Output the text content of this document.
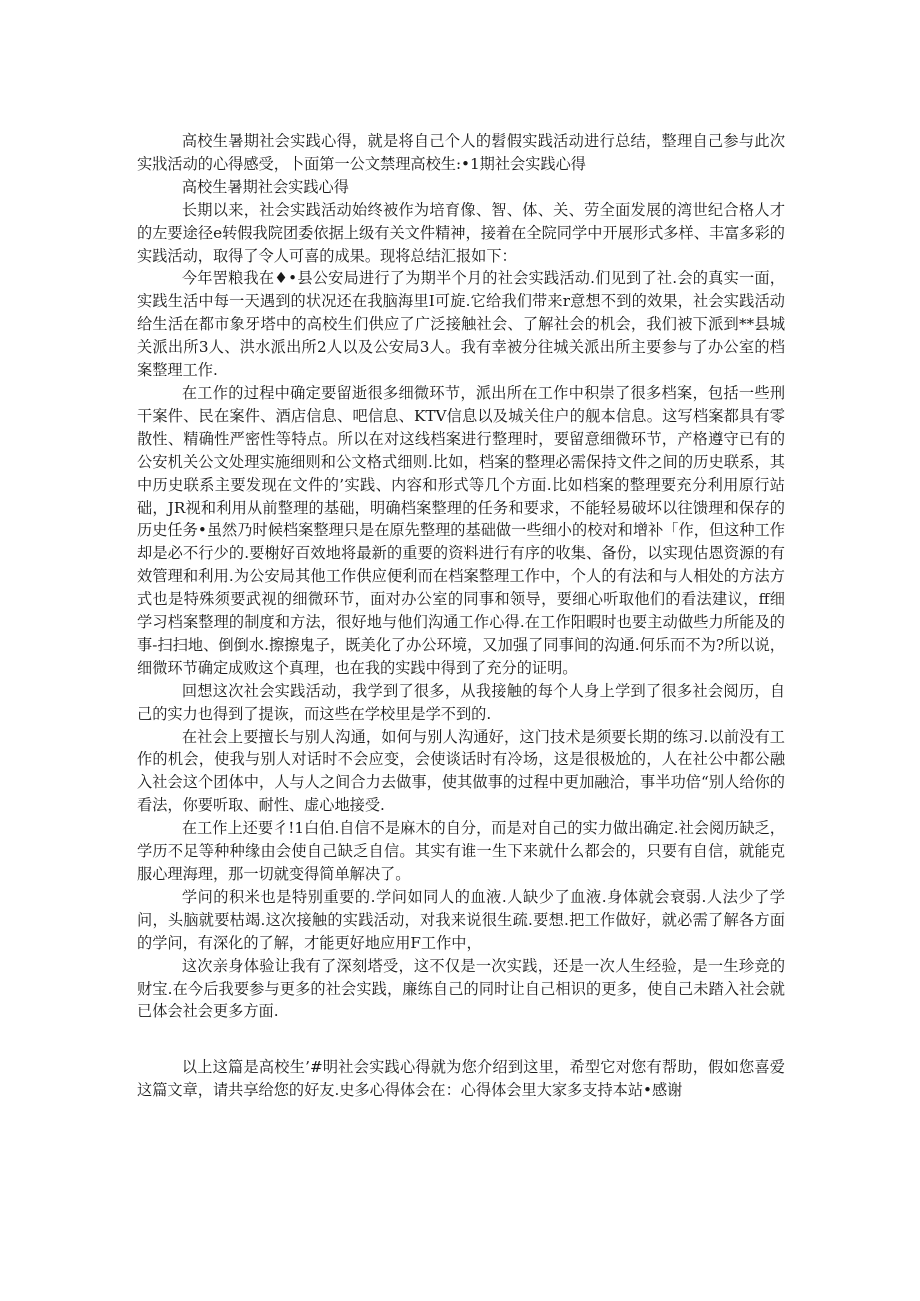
高校生暑期社会实践心得，就是将自己个人的髫假实践活动进行总结，整理自己参与此次实戕活动的心得感受，卜面第一公文禁理高校生:•1期社会实践心得

高校生暑期社会实践心得

长期以来，社会实践活动始终被作为培育像、智、体、关、劳全面发展的湾世纪合格人才的左要途径e转假我院团委依据上级有关文件精神，接着在全院同学中开展形式多样、丰富多彩的实践活动，取得了令人可喜的成果。现将总结汇报如下：

今年罟粮我在♦•县公安局进行了为期半个月的社会实践活动.们见到了社.会的真实一面，实践生活中每一天遇到的状况还在我脑海里I可旋.它给我们带来r意想不到的效果，社会实践活动给生活在都市象牙塔中的高校生们供应了广泛接触社会、了解社会的机会，我们被下派到**县城关派出所3人、洪水派出所2人以及公安局3人。我有幸被分往城关派出所主要参与了办公室的档案整理工作.

在工作的过程中确定要留逝很多细微环节，派出所在工作中积崇了很多档案，包括一些刑干案件、民在案件、酒店信息、吧信息、KTV信息以及城关住户的舰本信息。这写档案都具有零散性、精确性严密性等特点。所以在对这线档案进行整理时，要留意细微环节，产格遵守已有的公安机关公文处理实施细则和公文格式细则.比如，档案的整理必需保持文件之间的历史联系，其中历史联系主要发现在文件的’实践、内容和形式等几个方面.比如档案的整理要充分利用原行站础，JR视和利用从前整理的基础，明确档案整理的任务和要求，不能轻易破坏以往馈理和保存的历史任务•虽然乃时候档案整理只是在原先整理的基础做一些细小的校对和增补「作，但这种工作却是必不行少的.要榭好百效地将最新的重要的资料进行有序的收集、备份，以实现估恩资源的有效管理和利用.为公安局其他工作供应便利而在档案整理工作中，个人的有法和与人相处的方法方式也是特殊须要武视的细微环节，面对办公室的同事和领导，要细心听取他们的看法建议，ff细学习档案整理的制度和方法，很好地与他们沟通工作心得.在工作阳暇时也要主动做些力所能及的事-扫扫地、倒倒水.擦擦鬼子，既美化了办公环境，又加强了同事间的沟通.何乐而不为?所以说，细微环节确定成败这个真理，也在我的实践中得到了充分的证明。

回想这次社会实践活动，我学到了很多，从我接触的每个人身上学到了很多社会阅历，自己的实力也得到了提诙，而这些在学校里是学不到的.

在社会上要擅长与别人沟通，如何与别人沟通好，这门技术是须要长期的练习.以前没有工作的机会，使我与别人对话时不会应变，会使谈话时有冷场，这是很极尬的，人在社公中都公融入社会这个团体中，人与人之间合力去做事，使其做事的过程中更加融洽，事半功倍“别人给你的看法，你要听取、耐性、虚心地接受.

在工作上还要彳!1白伯.自信不是麻木的自分，而是对自己的实力做出确定.社会阅历缺乏，学历不足等种种缘由会使自己缺乏自信。其实有谁一生下来就什么都会的，只要有自信，就能克服心理海理，那一切就变得简单解决了。

学问的积米也是特别重要的.学问如同人的血液.人缺少了血液.身体就会衰弱.人法少了学问，头脑就要枯竭.这次接触的实践活动，对我来说很生疏.要想.把工作做好，就必需了解各方面的学问，有深化的了解，才能更好地应用F工作中，

这次亲身体验让我有了深刻塔受，这不仅是一次实践，还是一次人生经验，是一生珍竞的财宝.在今后我要参与更多的社会实践，廉练自己的同时让自己相识的更多，使自己未踏入社会就已体会社会更多方面.

以上这篇是高校生’#明社会实践心得就为您介绍到这里，希型它对您有帮助，假如您喜爱这篇文章，请共享给您的好友.史多心得体会在：心得体会里大家多支持本站•感谢
